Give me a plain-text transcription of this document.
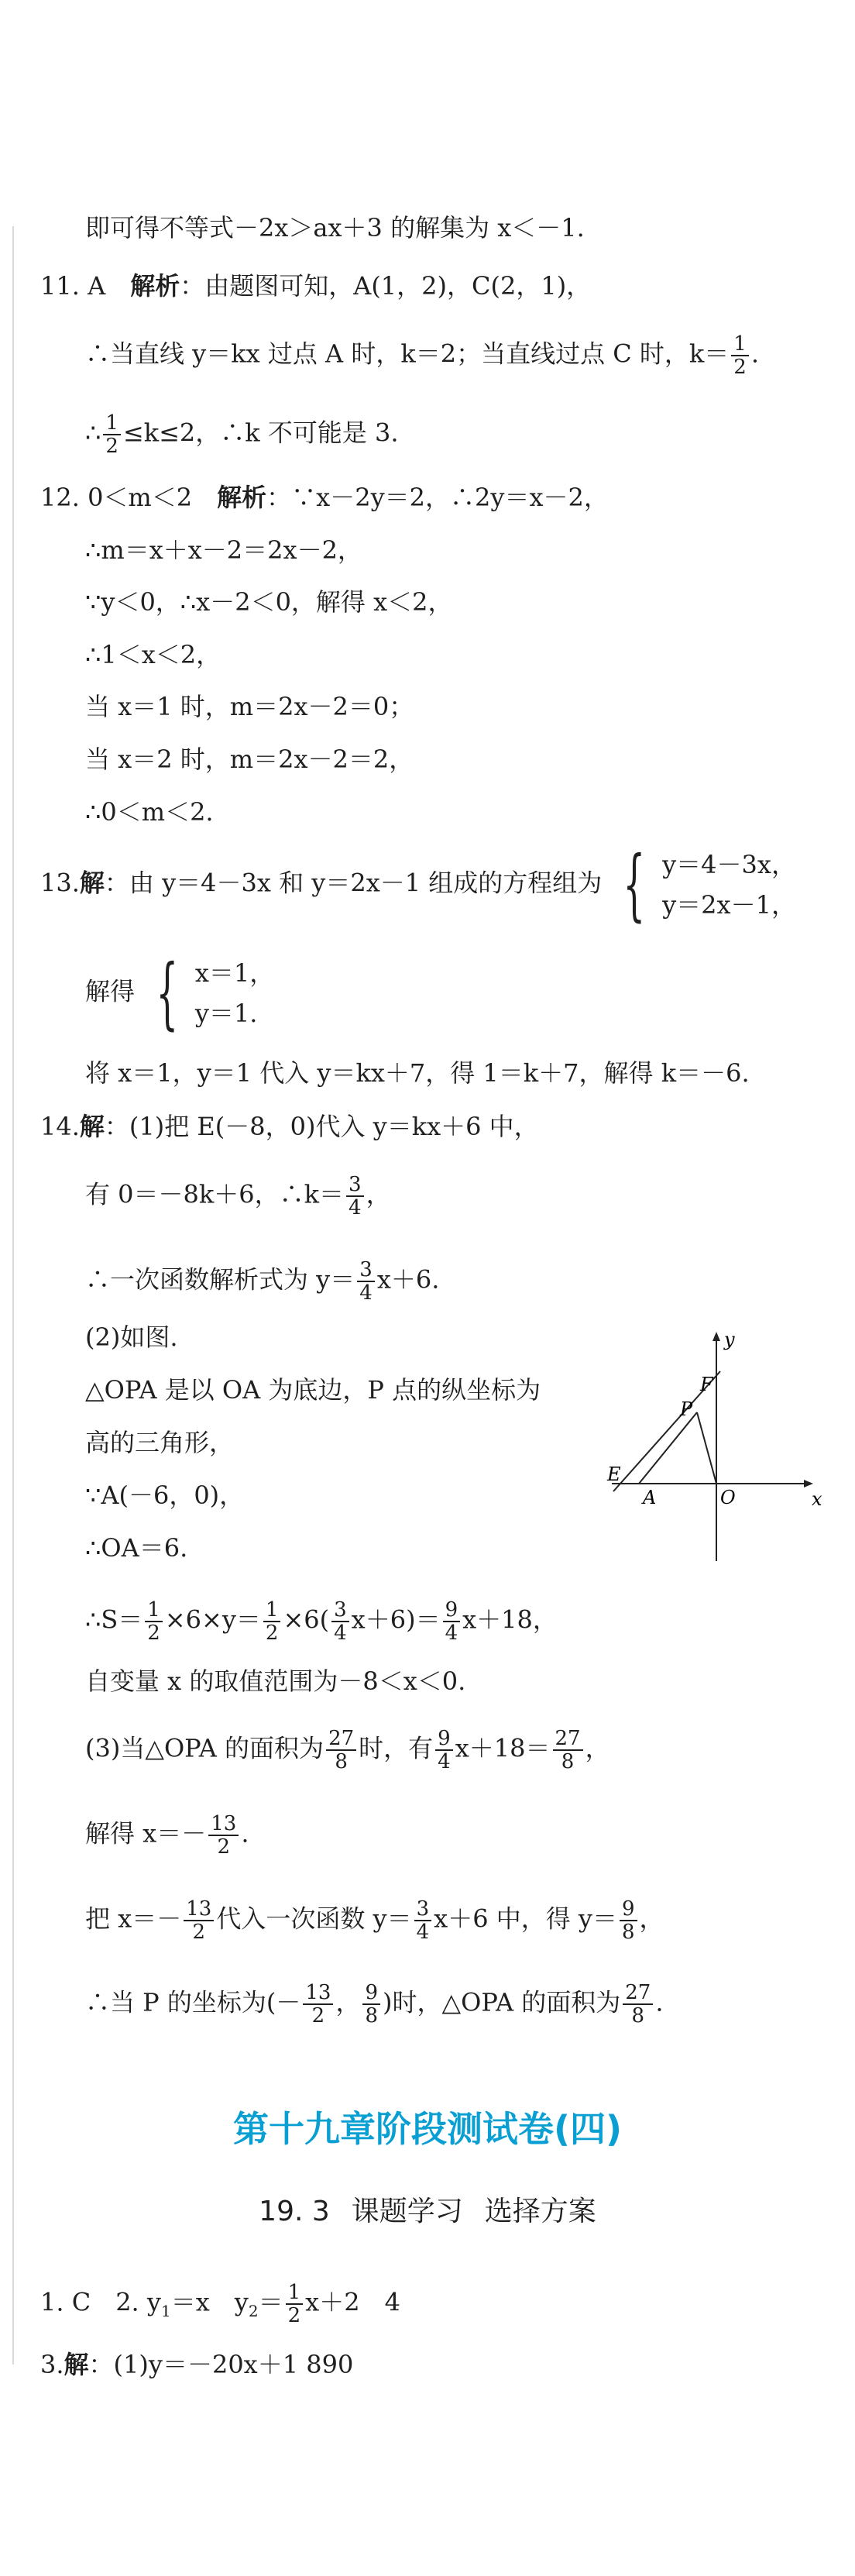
即可得不等式－2x＞ax＋3 的解集为 x＜－1.
11. A　 解析：由题图可知，A(1，2)，C(2，1)，
∴当直线 y＝kx 过点 A 时，k＝2；当直线过点 C 时，$k= \frac{1}{2}$ .
∴ $\frac{1}{2} \le k\le 2$，∴k 不可能是 3.
12. 0＜m＜2　 解析：∵x－2y＝2，∴2y＝x－2，
∴m＝x＋x－2＝2x－2，
∵y＜0，∴x－2＜0，解得 x＜2，
∴1＜x＜2，
当 x＝1 时，m＝2x－2＝0；
当 x＝2 时，m＝2x－2＝2，
∴0＜m＜2.
13.解：由 y＝4－3x 和 y＝2x－1 组成的方程组为 { y＝4－3x，
y＝2x－1，
解得 { x＝1，
y＝1.
将 x＝1，y＝1 代入 y＝kx＋7，得 1＝k＋7，解得 k＝－6.
14.解：(1)把 E(－8，0)代入 y＝kx＋6 中，
有 0＝－8k＋6，∴k＝ $\frac{3}{4}$ ，
∴一次函数解析式为 $y= \frac{3}{4} x+6$.
(2)如图.
△OPA 是以 OA 为底边，P 点的纵坐标为
高的三角形，
∵A(－6，0)，
∴OA＝6.
y
x
F
P
E
A	O
∴S＝ $\frac{1}{2} \times 6\times y= \frac{1}{2} \times 6( \frac{3}{4} x+6)= \frac{9}{4} x+18$，
自变量 x 的取值范围为－8＜x＜0.
(3)当△OPA 的面积为 $\frac{27}{8}$ 时，有 $\frac{9}{4} x+18= \frac{27}{8}$ ，
解得 $x=- \frac{13}{2}$ .
把 $x=- \frac{13}{2}$ 代入一次函数 $y= \frac{3}{4} x+6$ 中，得 $y= \frac{9}{8}$ ，
∴当 P 的坐标为(－ $\frac{13}{2}$ ， $\frac{9}{8}$ )时，△OPA 的面积为 $\frac{27}{8}$ .
第十九章阶段测试卷(四)
19. 3 课题学习 选择方案
1. C　2. $y_1=x$　$y_2= \frac{1}{2} x+2$　4
3.解：(1)y＝－20x＋1 890
